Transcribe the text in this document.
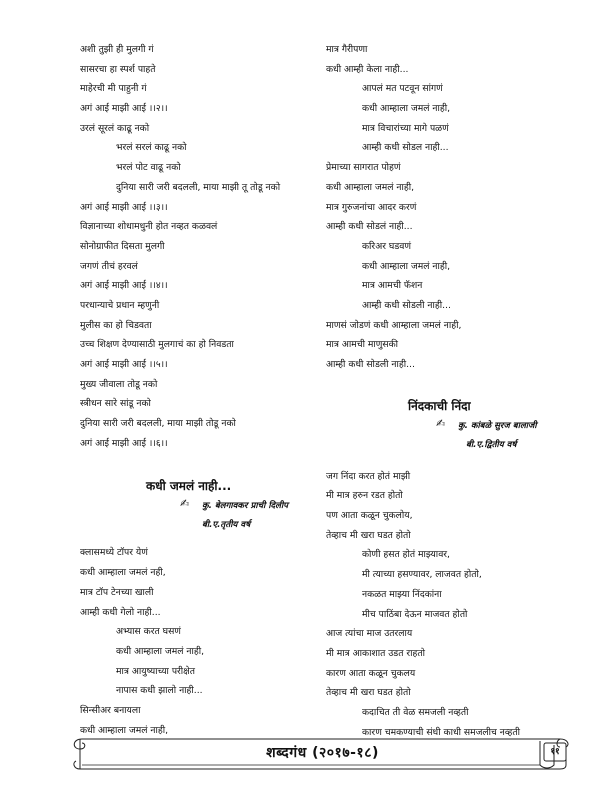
अशी तुझी ही मुलगी गं
सासरचा हा स्पर्श पाहते
माहेरची मी पाहुनी गं
अगं आई माझी आई ।।२।।
उरलं सूरलं काढू नको
भरलं सरलं काढू नको
भरलं पोट वाढू नको
दुनिया सारी जरी बदलली, माया माझी तू तोडू नको
अगं आई माझी आई ।।३।।
विज्ञानाच्या शोधामधुनी होत नव्हत कळवलं
सोनोग्राफीत दिसता मुलगी
जगणं तीचं हरवलं
अगं आई माझी आई ।।४।।
परधान्याचे प्रधान म्हणुनी
मुलीस का हो चिडवता
उच्च शिक्षण देण्यासाठी मुलगाचं का हो निवडता
अगं आई माझी आई ।।५।।
मुख्य जीवाला तोडू नको
स्त्रीधन सारे सांडू नको
दुनिया सारी जरी बदलली, माया माझी तोडू नको
अगं आई माझी आई ।।६।।
कधी जमलं नाही...
✍ कु. बेलगावकर प्राची दिलीप
बी.ए.तृतीय वर्ष
क्लासमध्ये टॉपर येणं
कधी आम्हाला जमलं नही,
मात्र टॉप टेनच्या खाली
आम्ही कधी गेलो नाही...
अभ्यास करत घसणं
कधी आम्हाला जमलं नाही,
मात्र आयुष्याच्या परीक्षेत
नापास कधी झालो नाही...
सिन्सीअर बनायला
कधी आम्हाला जमलं नाही,
मात्र गैरीपणा
कधी आम्ही केला नाही...
आपलं मत पटवून सांगणं
कधी आम्हाला जमलं नाही,
मात्र विचारांच्या मागे पळणं
आम्ही कधी सोडल नाही...
प्रेमाच्या सागरात पोहणं
कधी आम्हाला जमलं नाही,
मात्र गुरुजनांचा आदर करणं
आम्ही कधी सोडलं नाही...
करिअर घडवणं
कधी आम्हाला जमलं नाही,
मात्र आमची फॅशन
आम्ही कधी सोडली नाही...
माणसं जोडणं कधी आम्हाला जमलं नाही,
मात्र आमची माणुसकी
आम्ही कधी सोडली नाही...
निंदकाची निंदा
✍ कु. कांबळे सुरज बालाजी
बी.ए.द्वितीय वर्ष
जग निंदा करत होतं माझी
मी मात्र हरुन रडत होतो
पण आता कळून चुकलोय,
तेव्हाच मी खरा घडत होतो
कोणी हसत होतं माझ्यावर,
मी त्याच्या हसण्यावर, लाजवत होतो,
नकळत माझ्या निंदकांना
मीच पाठिंबा देऊन माजवत होतो
आज त्यांचा माज उतरलाय
मी मात्र आकाशात उडत राहतो
कारण आता कळून चुकलय
तेव्हाच मी खरा घडत होतो
कदाचित ती वेळ समजली नव्हती
कारण चमकण्याची संधी काधी समजलीच नव्हती
शब्दगंध (२०१७-१८)	११
